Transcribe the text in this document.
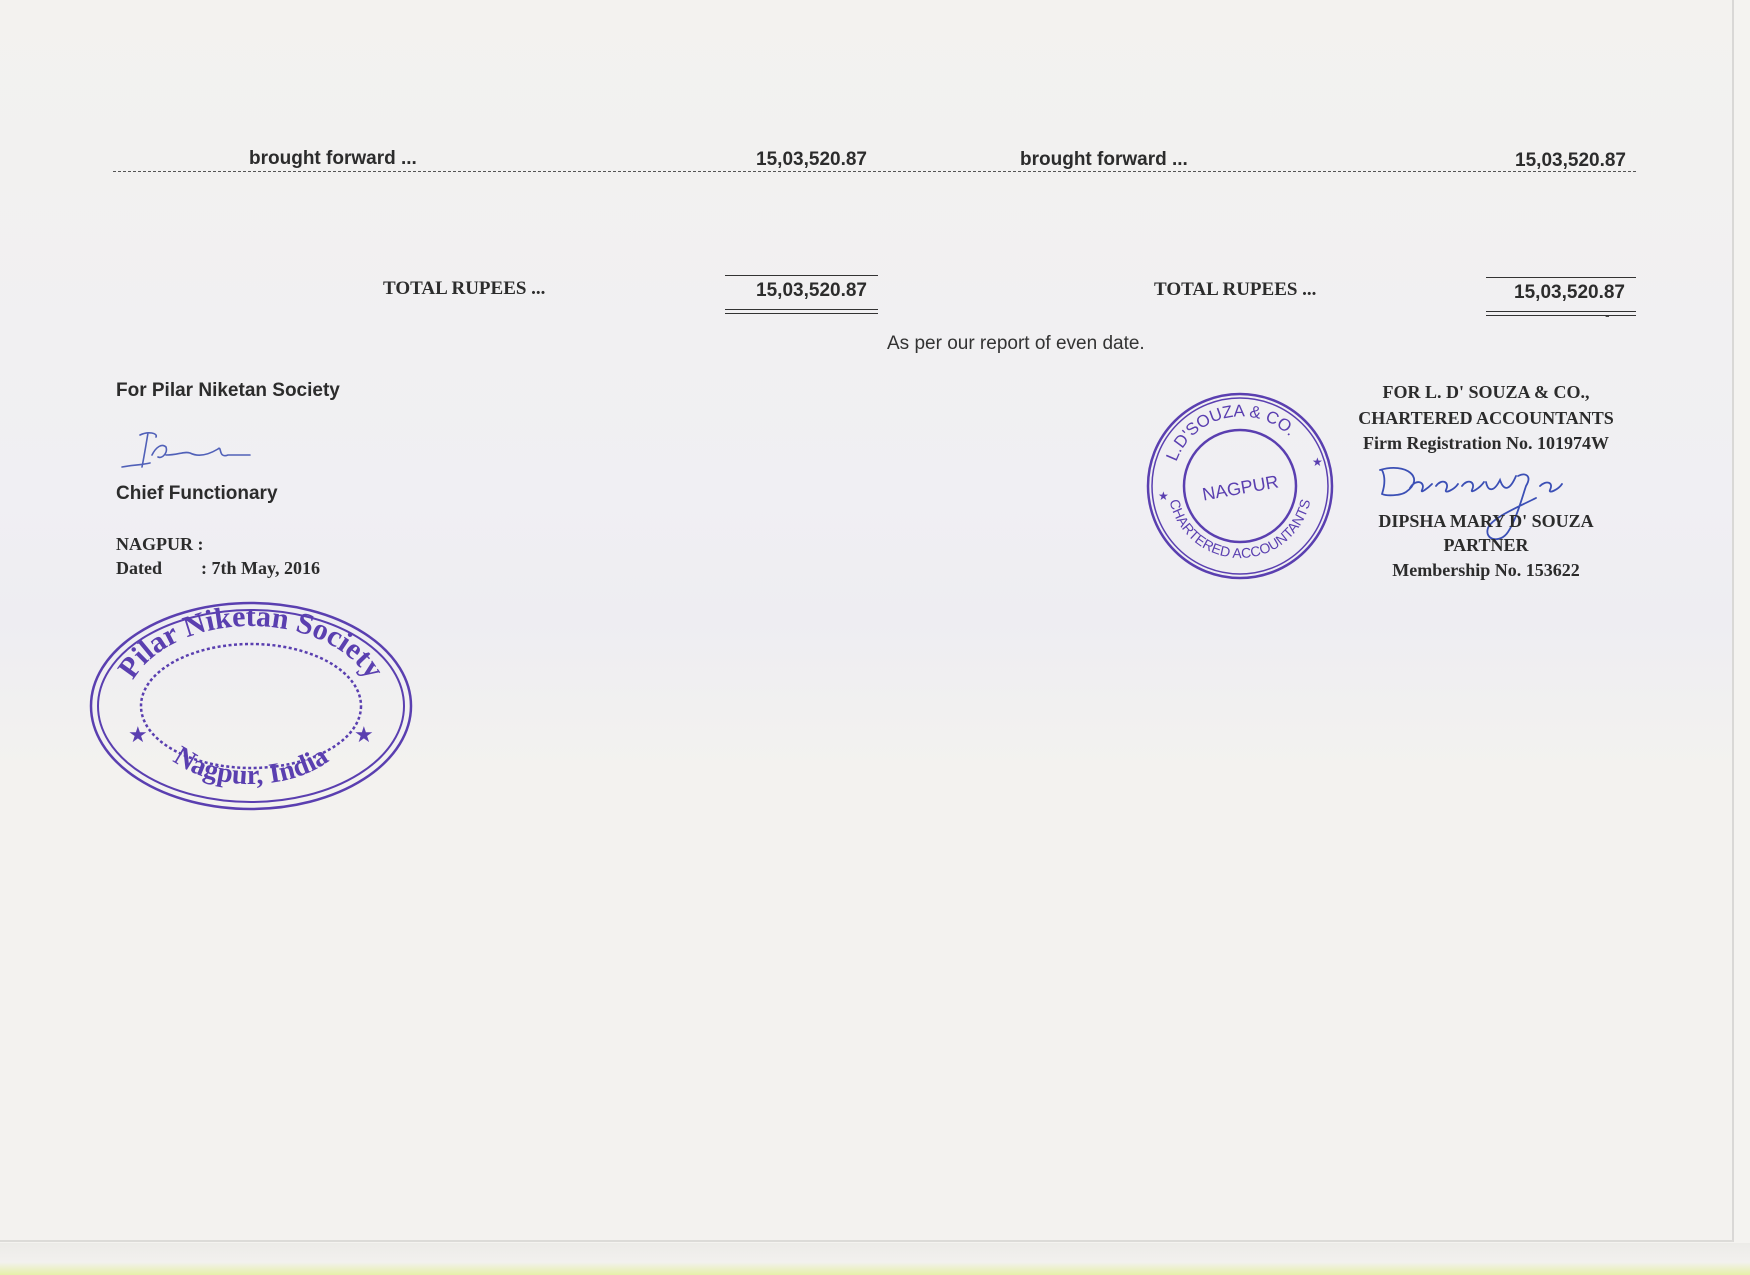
brought forward ...	15,03,520.87	brought forward ...	15,03,520.87
TOTAL RUPEES ...	15,03,520.87	TOTAL RUPEES ...	15,03,520.87
-
As per our report of even date.
For Pilar Niketan Society
Chief Functionary
NAGPUR :
Dated : 7th May, 2016
Pilar Niketan Society
Nagpur, India
★	★
L.D'SOUZA & CO.
CHARTERED ACCOUNTANTS
NAGPUR
★
★
FOR L. D' SOUZA & CO.,
CHARTERED ACCOUNTANTS
Firm Registration No. 101974W
DIPSHA MARY D' SOUZA
PARTNER
Membership No. 153622
